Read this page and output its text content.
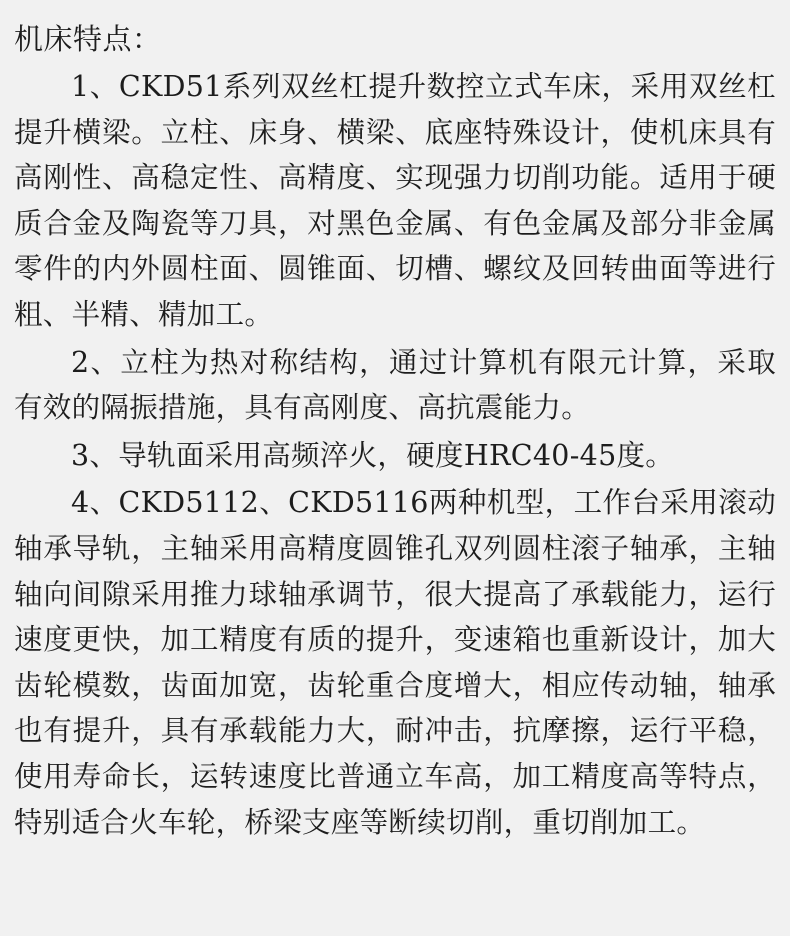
机床特点：

1、CKD51系列双丝杠提升数控立式车床，采用双丝杠提升横梁。立柱、床身、横梁、底座特殊设计，使机床具有高刚性、高稳定性、高精度、实现强力切削功能。适用于硬质合金及陶瓷等刀具，对黑色金属、有色金属及部分非金属零件的内外圆柱面、圆锥面、切槽、螺纹及回转曲面等进行粗、半精、精加工。

2、立柱为热对称结构，通过计算机有限元计算，采取有效的隔振措施，具有高刚度、高抗震能力。

3、导轨面采用高频淬火，硬度HRC40-45度。

4、CKD5112、CKD5116两种机型，工作台采用滚动轴承导轨，主轴采用高精度圆锥孔双列圆柱滚子轴承，主轴轴向间隙采用推力球轴承调节，很大提高了承载能力，运行速度更快，加工精度有质的提升，变速箱也重新设计，加大齿轮模数，齿面加宽，齿轮重合度增大，相应传动轴，轴承也有提升，具有承载能力大，耐冲击，抗摩擦，运行平稳，使用寿命长，运转速度比普通立车高，加工精度高等特点，特别适合火车轮，桥梁支座等断续切削，重切削加工。
